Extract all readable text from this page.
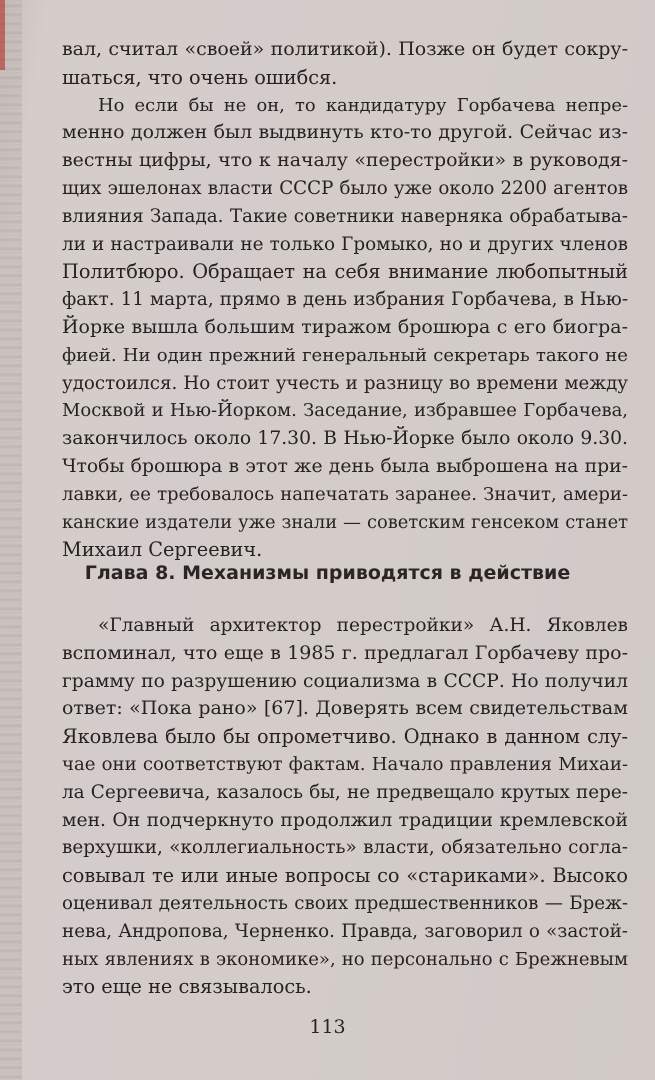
вал, считал «своей» политикой). Позже он будет сокру-
шаться, что очень ошибся.

Но если бы не он, то кандидатуру Горбачева непре-
менно должен был выдвинуть кто-то другой. Сейчас из-
вестны цифры, что к началу «перестройки» в руководя-
щих эшелонах власти СССР было уже около 2200 агентов
влияния Запада. Такие советники наверняка обрабатыва-
ли и настраивали не только Громыко, но и других членов
Политбюро. Обращает на себя внимание любопытный
факт. 11 марта, прямо в день избрания Горбачева, в Нью-
Йорке вышла большим тиражом брошюра с его биогра-
фией. Ни один прежний генеральный секретарь такого не
удостоился. Но стоит учесть и разницу во времени между
Москвой и Нью-Йорком. Заседание, избравшее Горбачева,
закончилось около 17.30. В Нью-Йорке было около 9.30.
Чтобы брошюра в этот же день была выброшена на при-
лавки, ее требовалось напечатать заранее. Значит, амери-
канские издатели уже знали — советским генсеком станет
Михаил Сергеевич.

Глава 8. Механизмы приводятся в действие

«Главный архитектор перестройки» А.Н. Яковлев
вспоминал, что еще в 1985 г. предлагал Горбачеву про-
грамму по разрушению социализма в СССР. Но получил
ответ: «Пока рано» [67]. Доверять всем свидетельствам
Яковлева было бы опрометчиво. Однако в данном слу-
чае они соответствуют фактам. Начало правления Михаи-
ла Сергеевича, казалось бы, не предвещало крутых пере-
мен. Он подчеркнуто продолжил традиции кремлевской
верхушки, «коллегиальность» власти, обязательно согла-
совывал те или иные вопросы со «стариками». Высоко
оценивал деятельность своих предшественников — Бреж-
нева, Андропова, Черненко. Правда, заговорил о «застой-
ных явлениях в экономике», но персонально с Брежневым
это еще не связывалось.

113
